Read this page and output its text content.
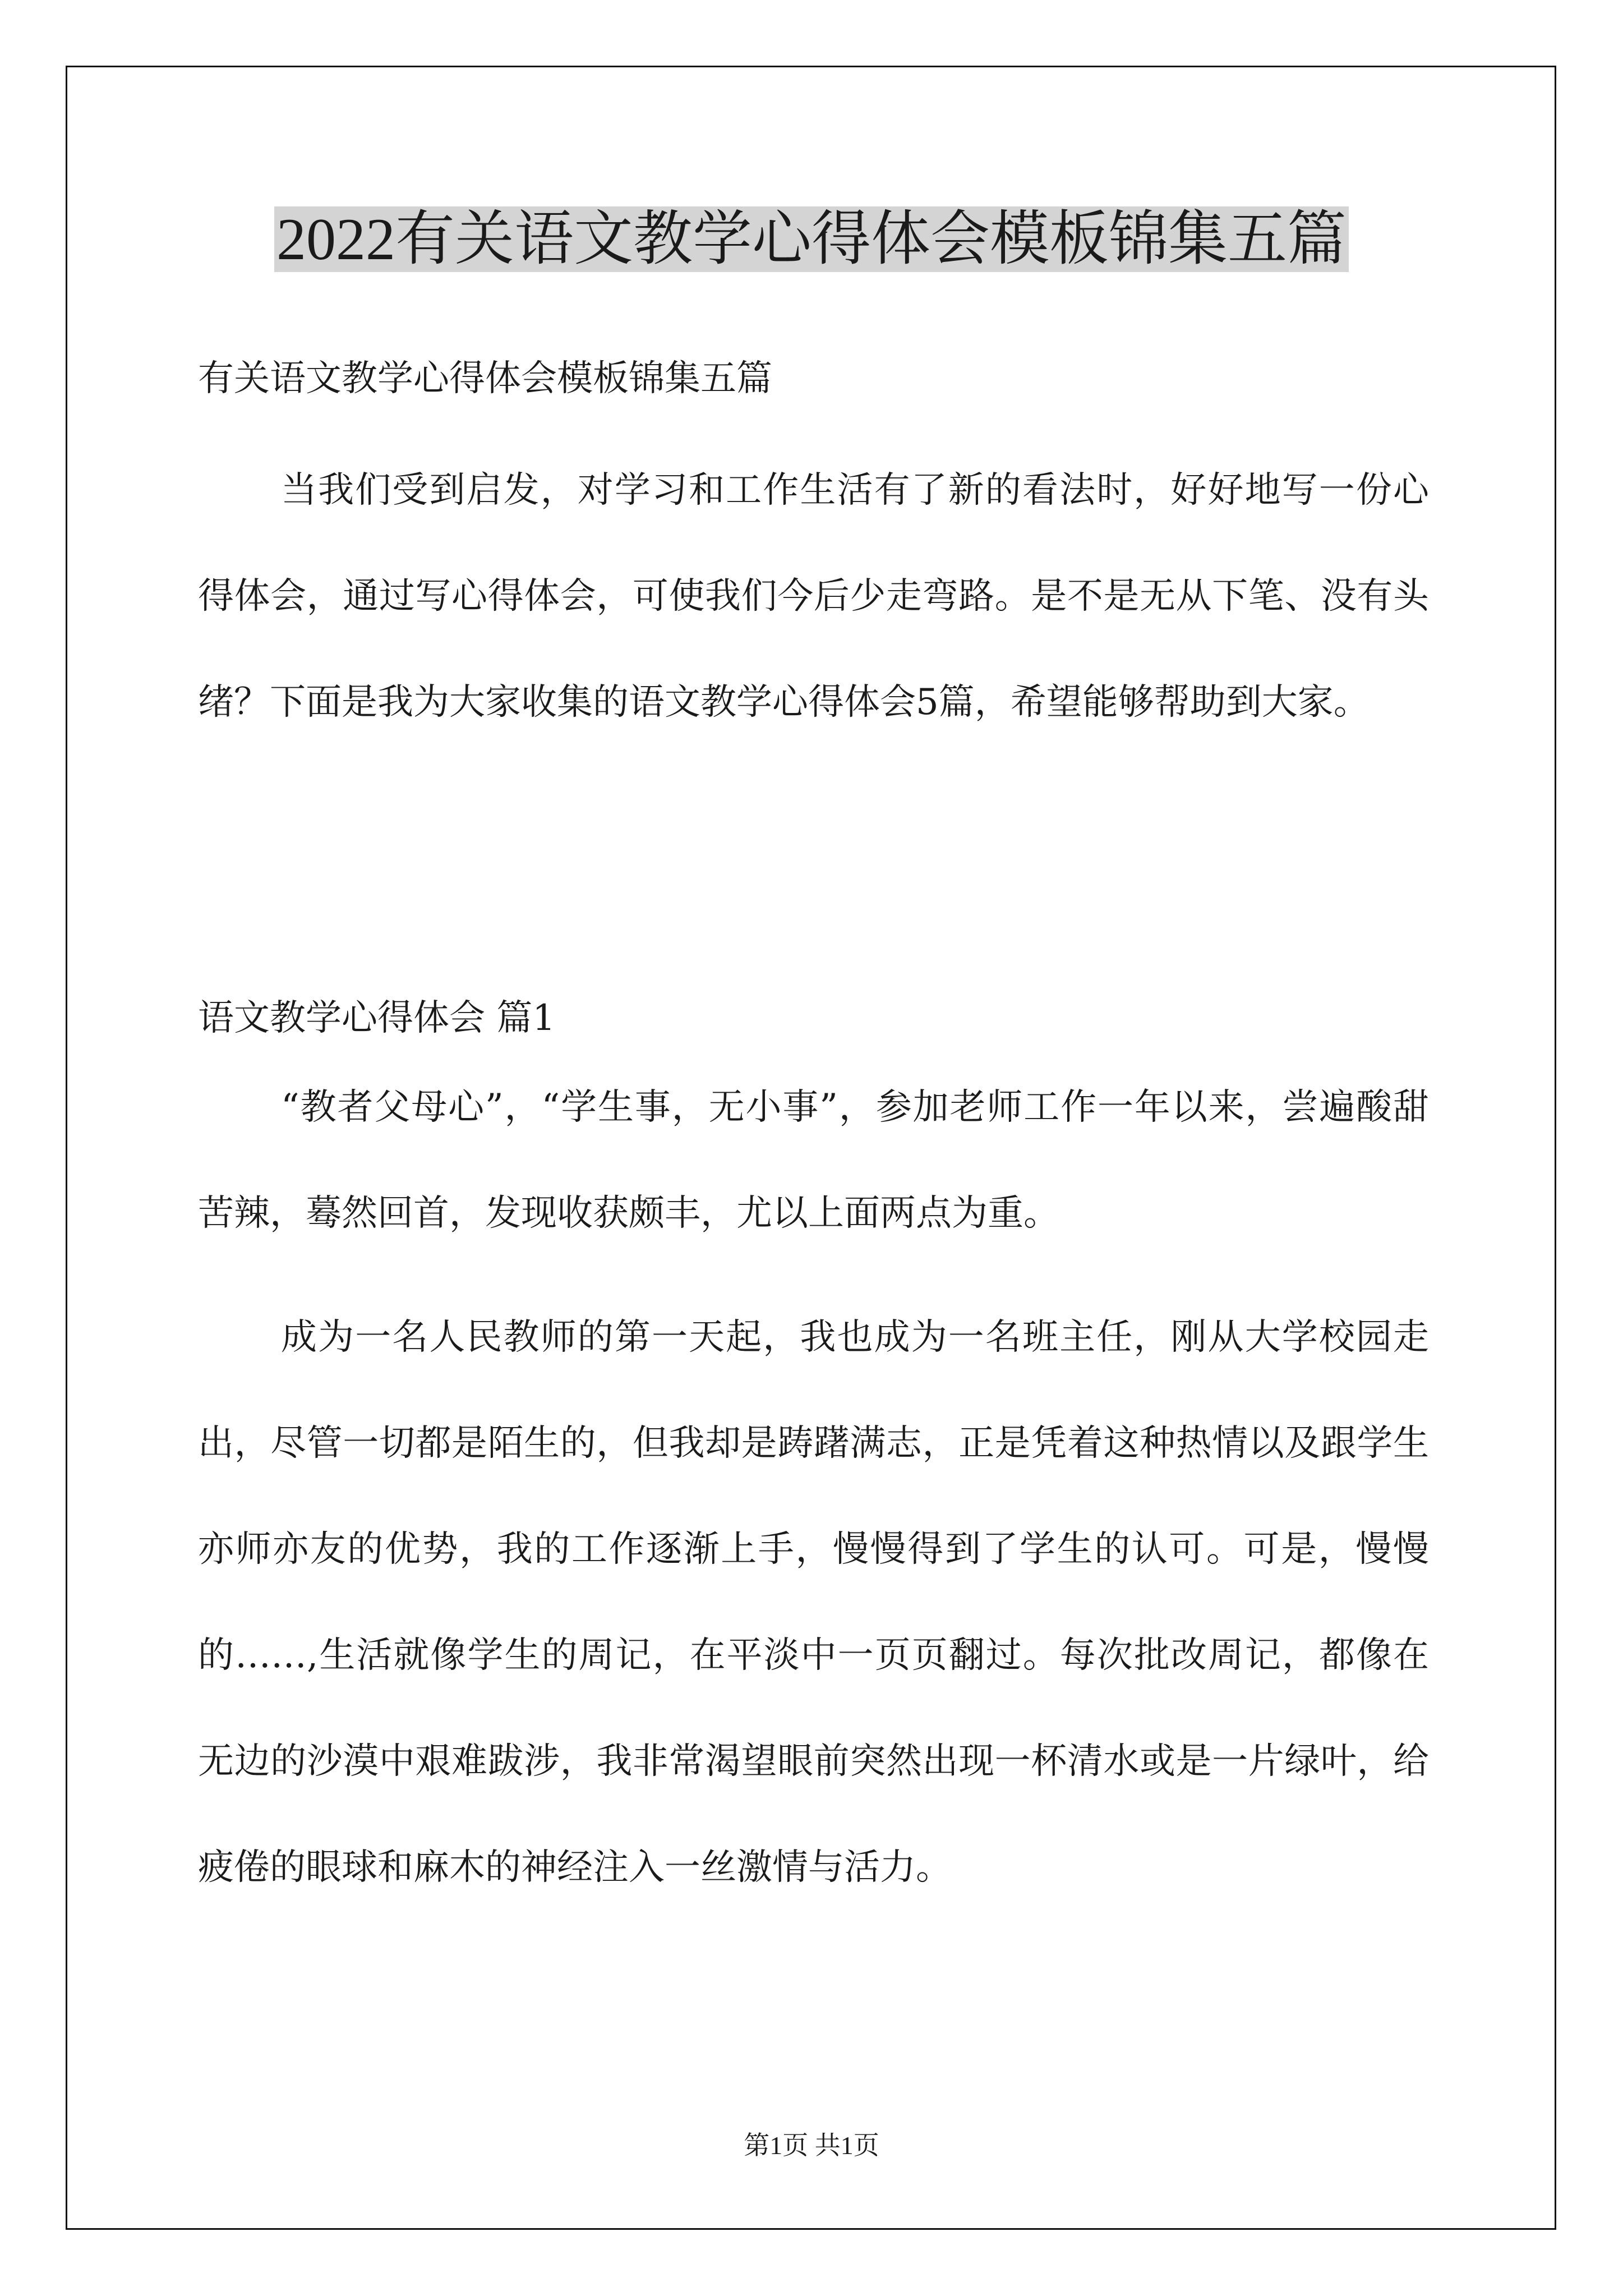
2022有关语文教学心得体会模板锦集五篇
有关语文教学心得体会模板锦集五篇

当我们受到启发，对学习和工作生活有了新的看法时，好好地写一份心得体会，通过写心得体会，可使我们今后少走弯路。是不是无从下笔、没有头绪？下面是我为大家收集的语文教学心得体会5篇，希望能够帮助到大家。

语文教学心得体会 篇1

“教者父母心”，“学生事，无小事”，参加老师工作一年以来，尝遍酸甜苦辣，蓦然回首，发现收获颇丰，尤以上面两点为重。

成为一名人民教师的第一天起，我也成为一名班主任，刚从大学校园走出，尽管一切都是陌生的，但我却是踌躇满志，正是凭着这种热情以及跟学生亦师亦友的优势，我的工作逐渐上手，慢慢得到了学生的认可。可是，慢慢的……,生活就像学生的周记，在平淡中一页页翻过。每次批改周记，都像在无边的沙漠中艰难跋涉，我非常渴望眼前突然出现一杯清水或是一片绿叶，给疲倦的眼球和麻木的神经注入一丝激情与活力。

第1页 共1页
